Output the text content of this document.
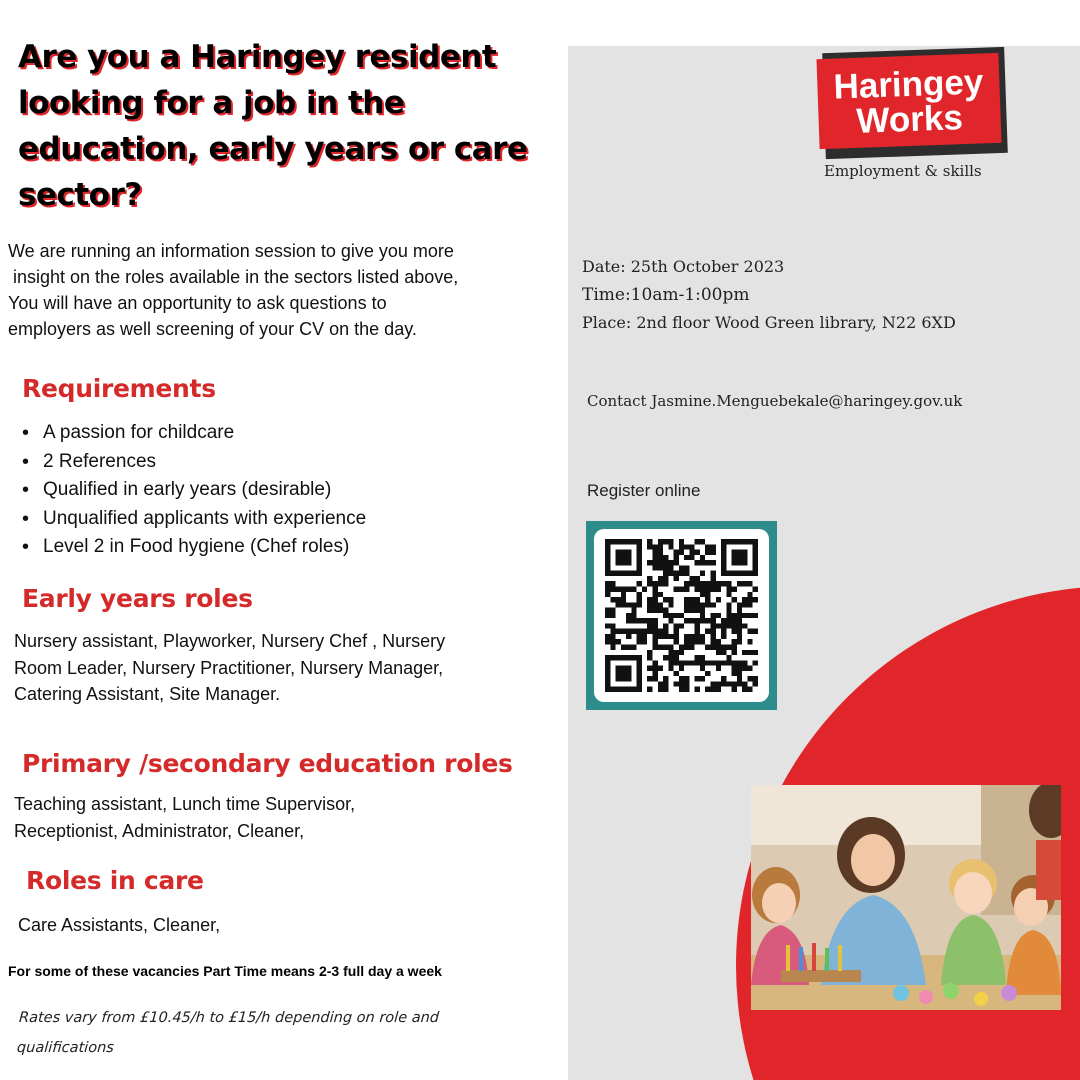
Haringey
Works
Employment & skills
Date: 25th October 2023
Time:10am-1:00pm
Place: 2nd floor Wood Green library, N22 6XD
Contact Jasmine.Menguebekale@haringey.gov.uk
Register online
Are you a Haringey resident
looking for a job in the
education, early years or care
sector?
We are running an information session to give you more
insight on the roles available in the sectors listed above,
You will have an opportunity to ask questions to
employers as well screening of your CV on the day.
Requirements
• A passion for childcare
• 2 References
• Qualified in early years (desirable)
• Unqualified applicants with experience
• Level 2 in Food hygiene (Chef roles)
Early years roles
Nursery assistant, Playworker, Nursery Chef , Nursery
Room Leader, Nursery Practitioner, Nursery Manager,
Catering Assistant, Site Manager.
Primary /secondary education roles
Teaching assistant, Lunch time Supervisor,
Receptionist, Administrator, Cleaner,
Roles in care
Care Assistants, Cleaner,
For some of these vacancies Part Time means 2-3 full day a week
Rates vary from £10.45/h to £15/h depending on role and qualifications
